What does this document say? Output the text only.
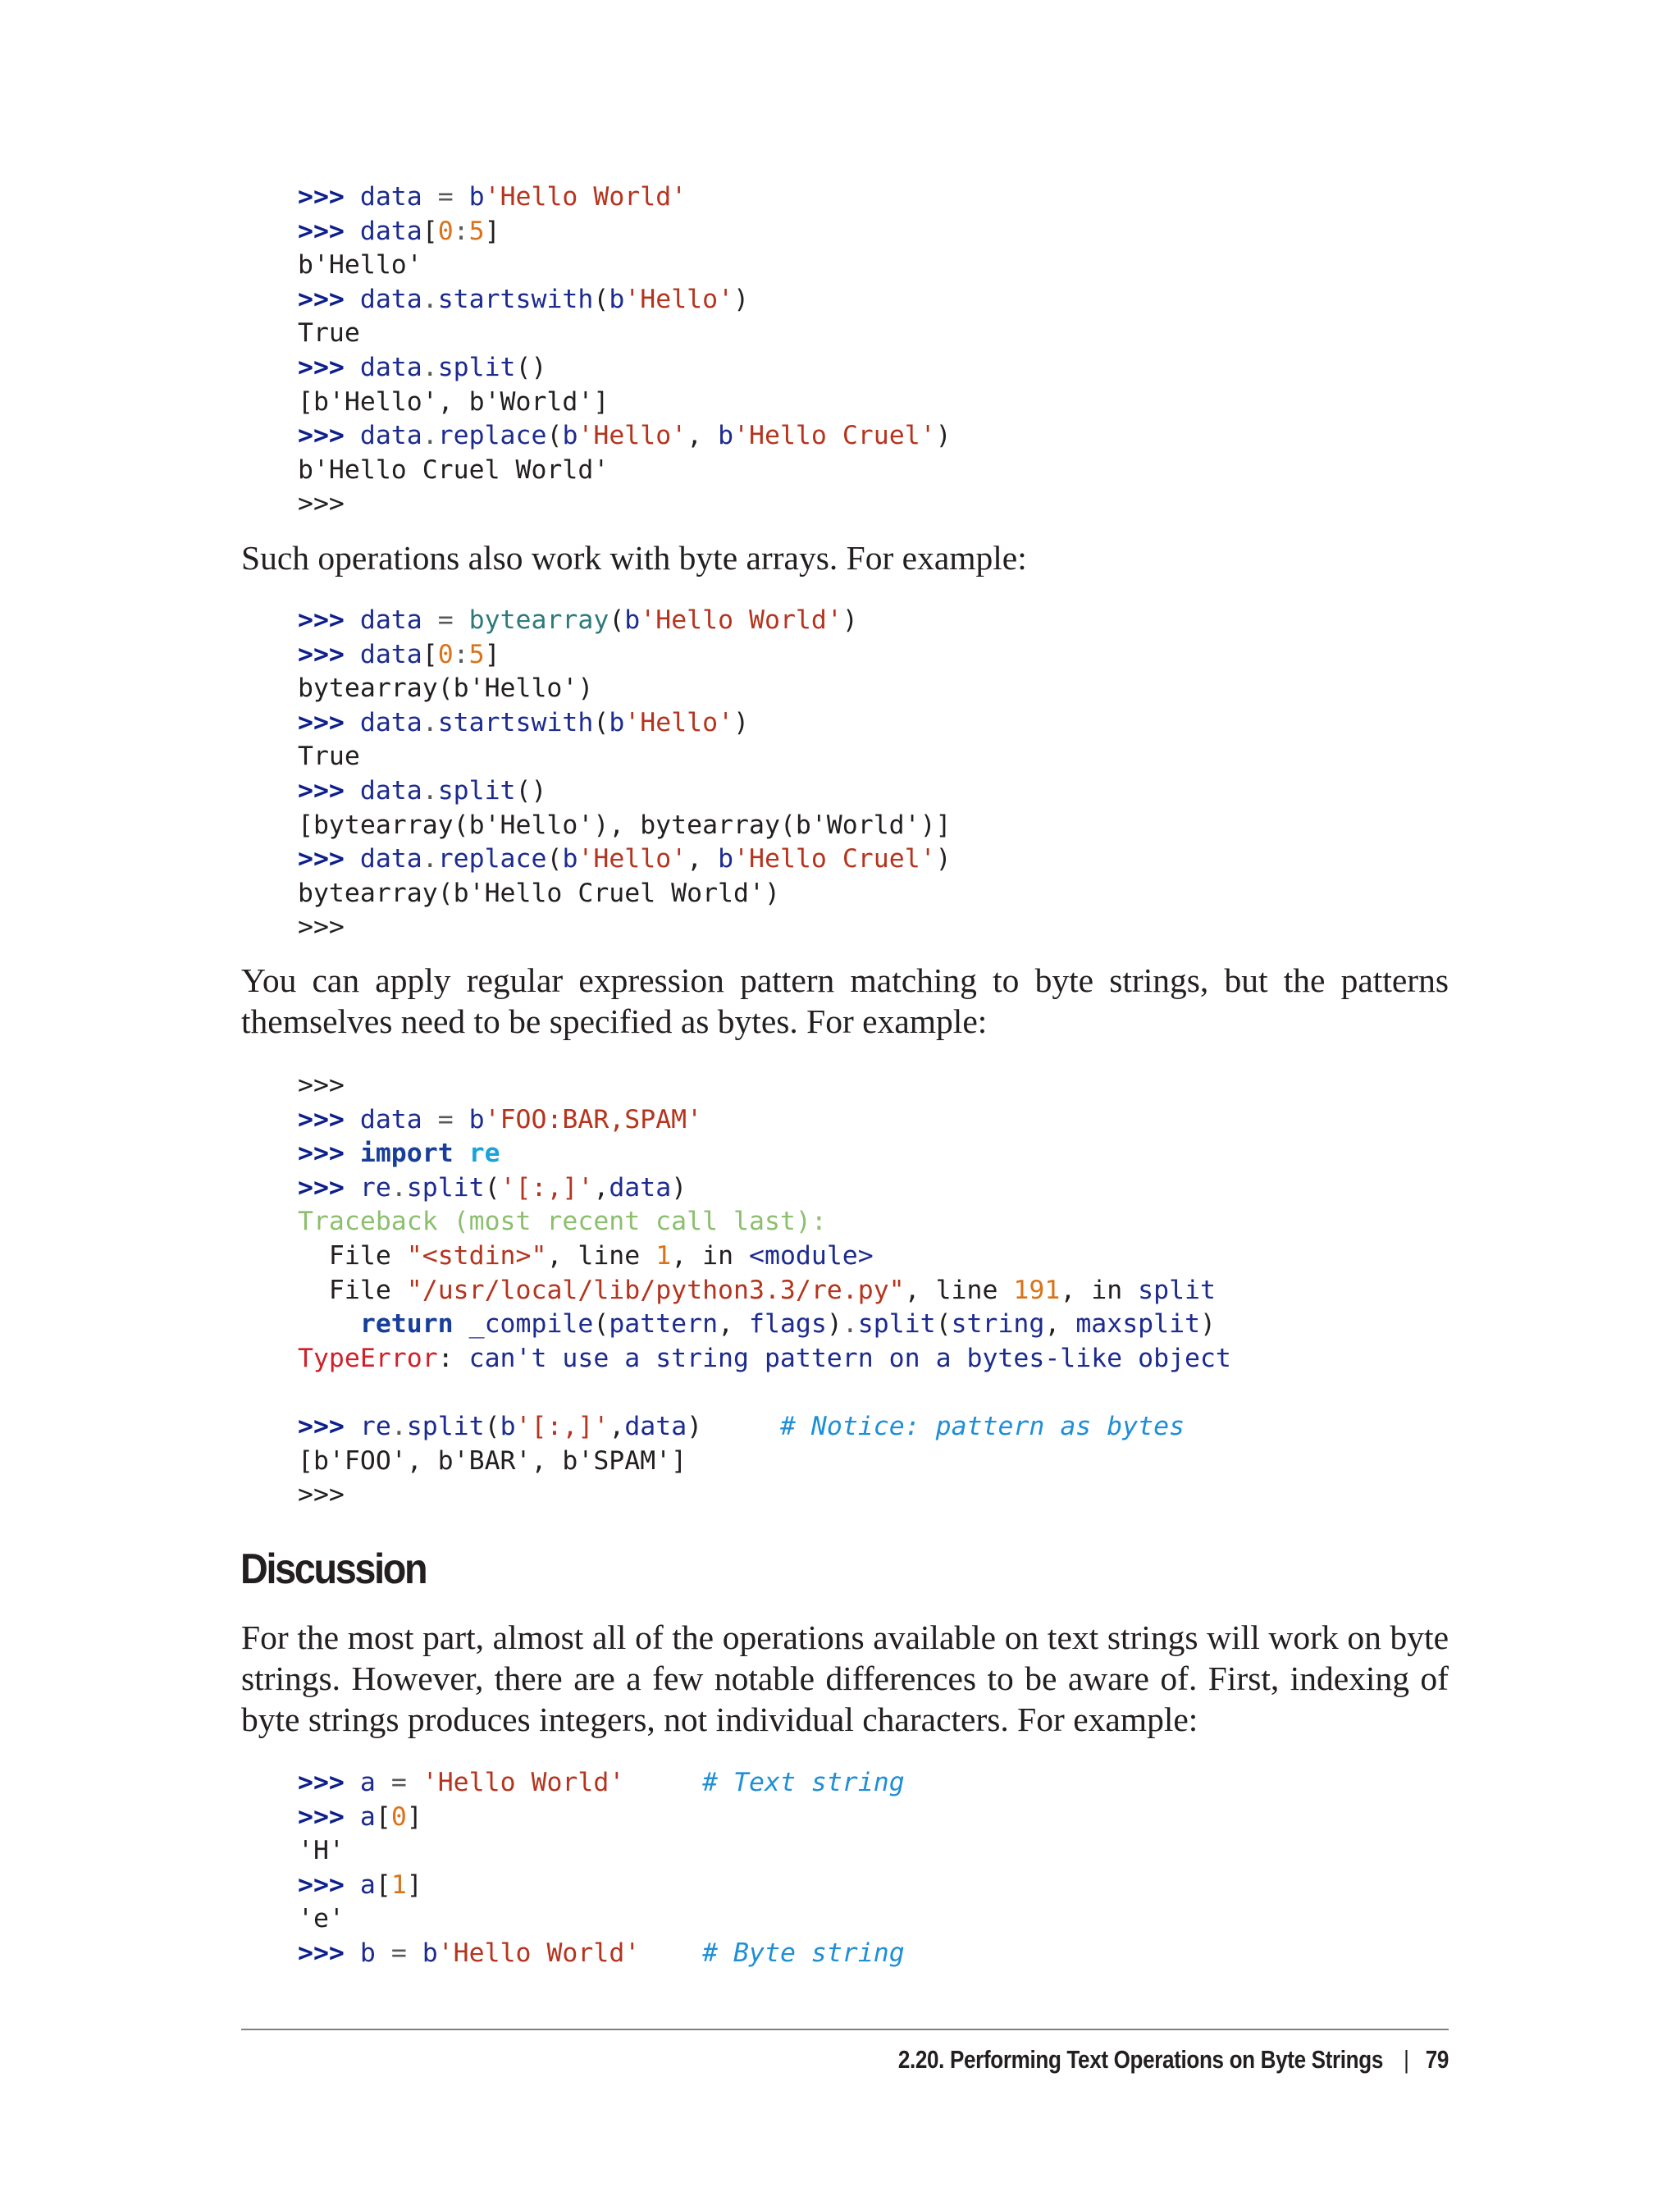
>>> data = b'Hello World'
>>> data[0:5]
b'Hello'
>>> data.startswith(b'Hello')
True
>>> data.split()
[b'Hello', b'World']
>>> data.replace(b'Hello', b'Hello Cruel')
b'Hello Cruel World'
>>>

Such operations also work with byte arrays. For example:

>>> data = bytearray(b'Hello World')
>>> data[0:5]
bytearray(b'Hello')
>>> data.startswith(b'Hello')
True
>>> data.split()
[bytearray(b'Hello'), bytearray(b'World')]
>>> data.replace(b'Hello', b'Hello Cruel')
bytearray(b'Hello Cruel World')
>>>

You can apply regular expression pattern matching to byte strings, but the patterns themselves need to be specified as bytes. For example:

>>>
>>> data = b'FOO:BAR,SPAM'
>>> import re
>>> re.split('[:,]',data)
Traceback (most recent call last):
File "<stdin>", line 1, in <module>
File "/usr/local/lib/python3.3/re.py", line 191, in split
return _compile(pattern, flags).split(string, maxsplit)
TypeError: can't use a string pattern on a bytes-like object

>>> re.split(b'[:,]',data)     # Notice: pattern as bytes
[b'FOO', b'BAR', b'SPAM']
>>>
Discussion

For the most part, almost all of the operations available on text strings will work on byte strings. However, there are a few notable differences to be aware of. First, indexing of byte strings produces integers, not individual characters. For example:

>>> a = 'Hello World'	# Text string
>>> a[0]
'H'
>>> a[1]
'e'
>>> b = b'Hello World' # Byte string
2.20. Performing Text Operations on Byte Strings | 79
